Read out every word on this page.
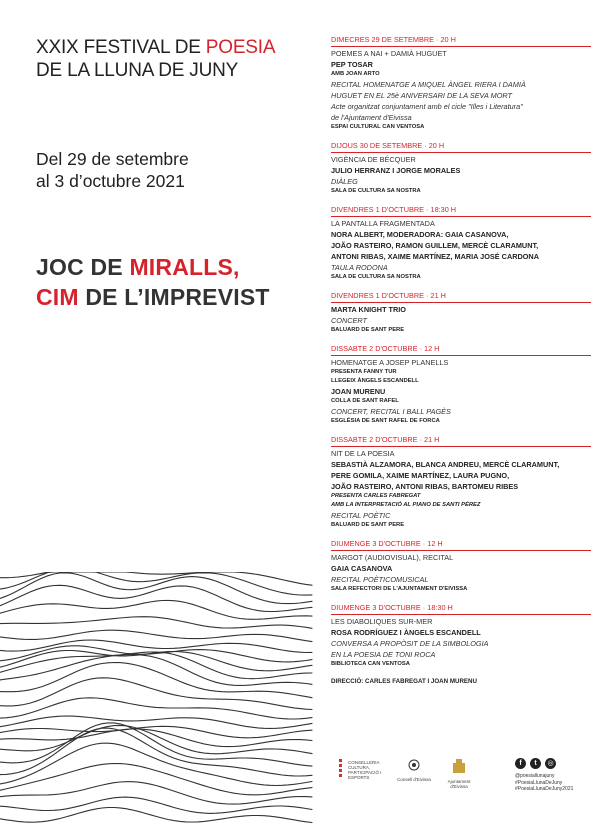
XXIX FESTIVAL DE POESIA
DE LA LLUNA DE JUNY
Del 29 de setembre
al 3 d’octubre 2021
JOC DE MIRALLS,
CIM DE L’IMPREVIST
DIMECRES 29 DE SETEMBRE · 20 H
POEMES A NAI + DAMIÀ HUGUET
PEP TOSAR
AMB JOAN ARTO
RECITAL HOMENATGE A MIQUEL ÀNGEL RIERA I DAMIÀ
HUGUET EN EL 25è ANIVERSARI DE LA SEVA MORT
Acte organitzat conjuntament amb el cicle "Illes i Literatura"
de l'Ajuntament d'Eivissa
ESPAI CULTURAL CAN VENTOSA
DIJOUS 30 DE SETEMBRE · 20 H
VIGÈNCIA DE BÉCQUER
JULIO HERRANZ I JORGE MORALES
DIÀLEG
SALA DE CULTURA SA NOSTRA
DIVENDRES 1 D'OCTUBRE · 18:30 H
LA PANTALLA FRAGMENTADA
NORA ALBERT, MODERADORA: GAIA CASANOVA,
JOÃO RASTEIRO, RAMON GUILLEM, MERCÈ CLARAMUNT,
ANTONI RIBAS, XAIME MARTÍNEZ, MARIA JOSÉ CARDONA
TAULA RODONA
SALA DE CULTURA SA NOSTRA
DIVENDRES 1 D'OCTUBRE · 21 H
MARTA KNIGHT TRIO
CONCERT
BALUARD DE SANT PERE
DISSABTE 2 D'OCTUBRE · 12 H
HOMENATGE A JOSEP PLANELLS
PRESENTA FANNY TUR
LLEGEIX ÀNGELS ESCANDELL
JOAN MURENU
COLLA DE SANT RAFEL
CONCERT, RECITAL I BALL PAGÈS
ESGLÉSIA DE SANT RAFEL DE FORCA
DISSABTE 2 D'OCTUBRE · 21 H
NIT DE LA POESIA
SEBASTIÀ ALZAMORA, BLANCA ANDREU, MERCÈ CLARAMUNT,
PERE GOMILA, XAIME MARTÍNEZ, LAURA PUGNO,
JOÃO RASTEIRO, ANTONI RIBAS, BARTOMEU RIBES
PRESENTA CARLES FABREGAT
AMB LA INTERPRETACIÓ AL PIANO DE SANTI PÉREZ
RECITAL POÈTIC
BALUARD DE SANT PERE
DIUMENGE 3 D'OCTUBRE · 12 H
MARGOT (AUDIOVISUAL), RECITAL
GAIA CASANOVA
RECITAL POÈTICOMUSICAL
SALA REFECTORI DE L'AJUNTAMENT D'EIVISSA
DIUMENGE 3 D'OCTUBRE · 18:30 H
LES DIABOLIQUES SUR-MER
ROSA RODRÍGUEZ I ÀNGELS ESCANDELL
CONVERSA A PROPÒSIT DE LA SIMBOLOGIA
EN LA POESIA DE TONI ROCA
BIBLIOTECA CAN VENTOSA
DIRECCIÓ: CARLES FABREGAT I JOAN MURENU
CONSELLERIA CULTURA, PARTICIPACIÓ I ESPORTS	Consell d'Eivissa	Ajuntament d'Eivissa
f	t	◎
@poesiallunajuny
#PoesiaLlunaDeJuny
#PoesiaLlunaDeJuny2021
